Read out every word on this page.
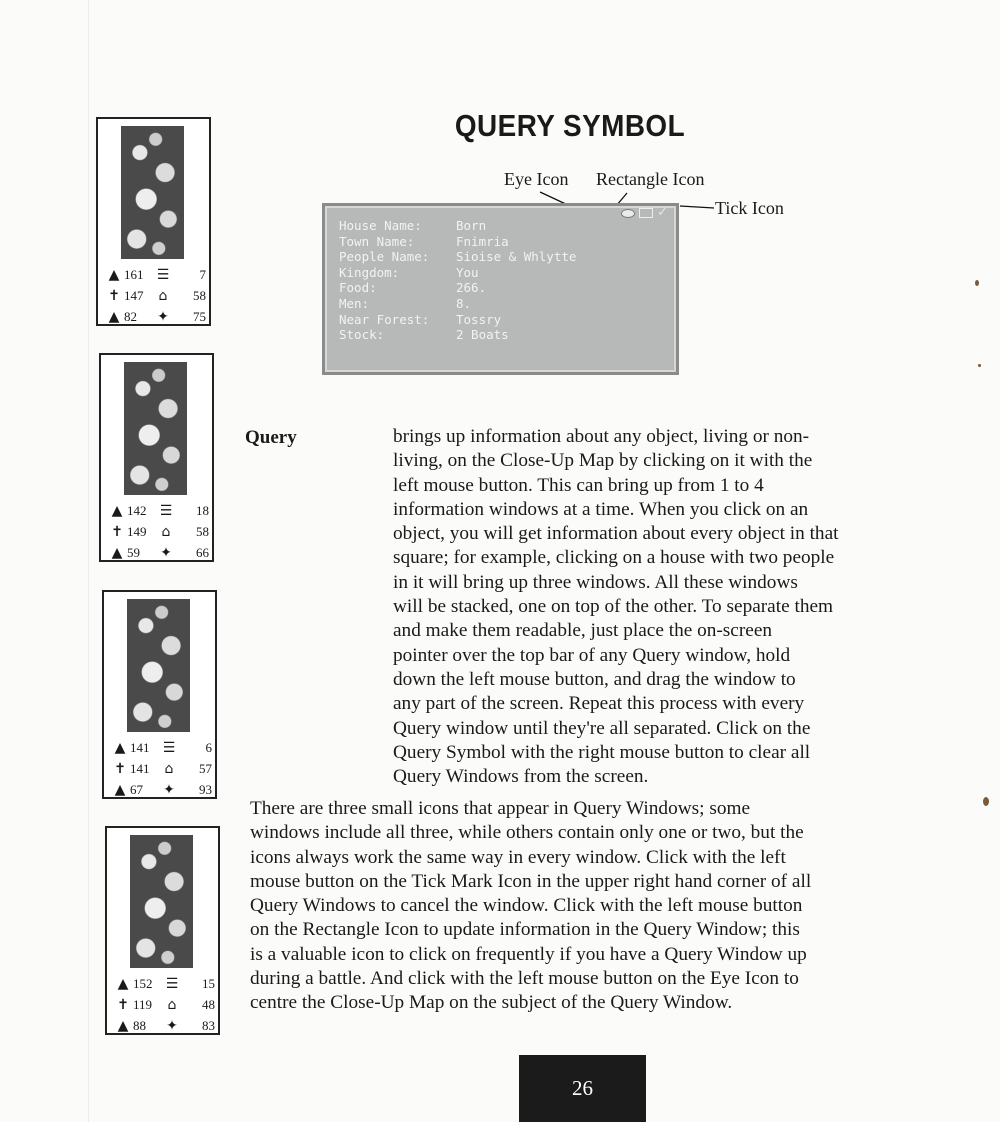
QUERY SYMBOL
Eye Icon Rectangle Icon
Tick Icon
✓
House Name:	Born
Town Name:	Fnimria
People Name:	Sioise & Whlytte
Kingdom:	You
Food:	266.
Men:	8.
Near Forest:	Tossry
Stock:	2 Boats
▲ 161 ☰	7
✝ 147	⌂	58
▲ 82	✦	75
▲ 142 ☰	18
✝ 149	⌂	58
▲ 59	✦	66
▲ 141 ☰	6
✝ 141	⌂	57
▲ 67	✦	93
▲ 152 ☰	15
✝ 119	⌂	48
▲ 88	✦	83
Query	brings up information about any object, living or non-
living, on the Close-Up Map by clicking on it with the
left mouse button. This can bring up from 1 to 4
information windows at a time. When you click on an
object, you will get information about every object in that
square; for example, clicking on a house with two people
in it will bring up three windows. All these windows
will be stacked, one on top of the other. To separate them
and make them readable, just place the on-screen
pointer over the top bar of any Query window, hold
down the left mouse button, and drag the window to
any part of the screen. Repeat this process with every
Query window until they're all separated. Click on the
Query Symbol with the right mouse button to clear all
Query Windows from the screen.

There are three small icons that appear in Query Windows; some
windows include all three, while others contain only one or two, but the
icons always work the same way in every window. Click with the left
mouse button on the Tick Mark Icon in the upper right hand corner of all
Query Windows to cancel the window. Click with the left mouse button
on the Rectangle Icon to update information in the Query Window; this
is a valuable icon to click on frequently if you have a Query Window up
during a battle. And click with the left mouse button on the Eye Icon to
centre the Close-Up Map on the subject of the Query Window.

26
